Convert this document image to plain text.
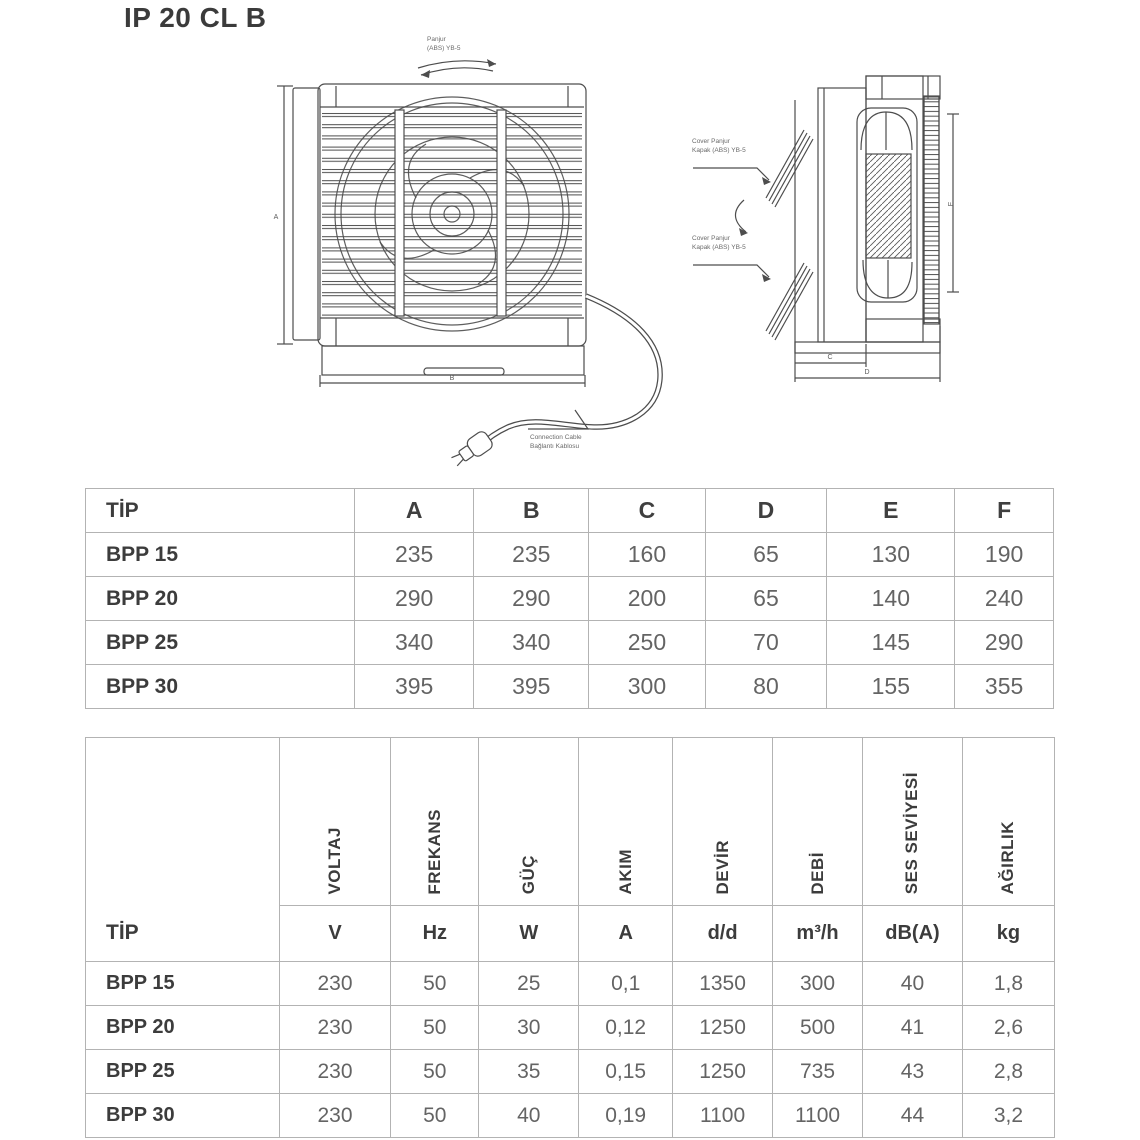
IP 20 CL B
A
B
Panjur
(ABS) YB-5
Connection Cable
Bağlantı Kablosu
C
D
E
Cover Panjur
Kapak (ABS) YB-5
Cover Panjur
Kapak (ABS) YB-5
TİP	A	B	C	D	E	F
BPP 15	235	235	160	65	130	190
BPP 20	290	290	200	65	140	240
BPP 25	340	340	250	70	145	290
BPP 30	395	395	300	80	155	355
TİP	VOLTAJ	FREKANS	GÜÇ	AKIM	DEVİR	DEBİ	SES SEVİYESİ	AĞIRLIK

	V	Hz	W	A	d/d	m³/h	dB(A)	kg
BPP 15	230	50	25	0,1	1350	300	40	1,8
BPP 20	230	50	30	0,12	1250	500	41	2,6
BPP 25	230	50	35	0,15	1250	735	43	2,8
BPP 30	230	50	40	0,19	1100	1100	44	3,2
